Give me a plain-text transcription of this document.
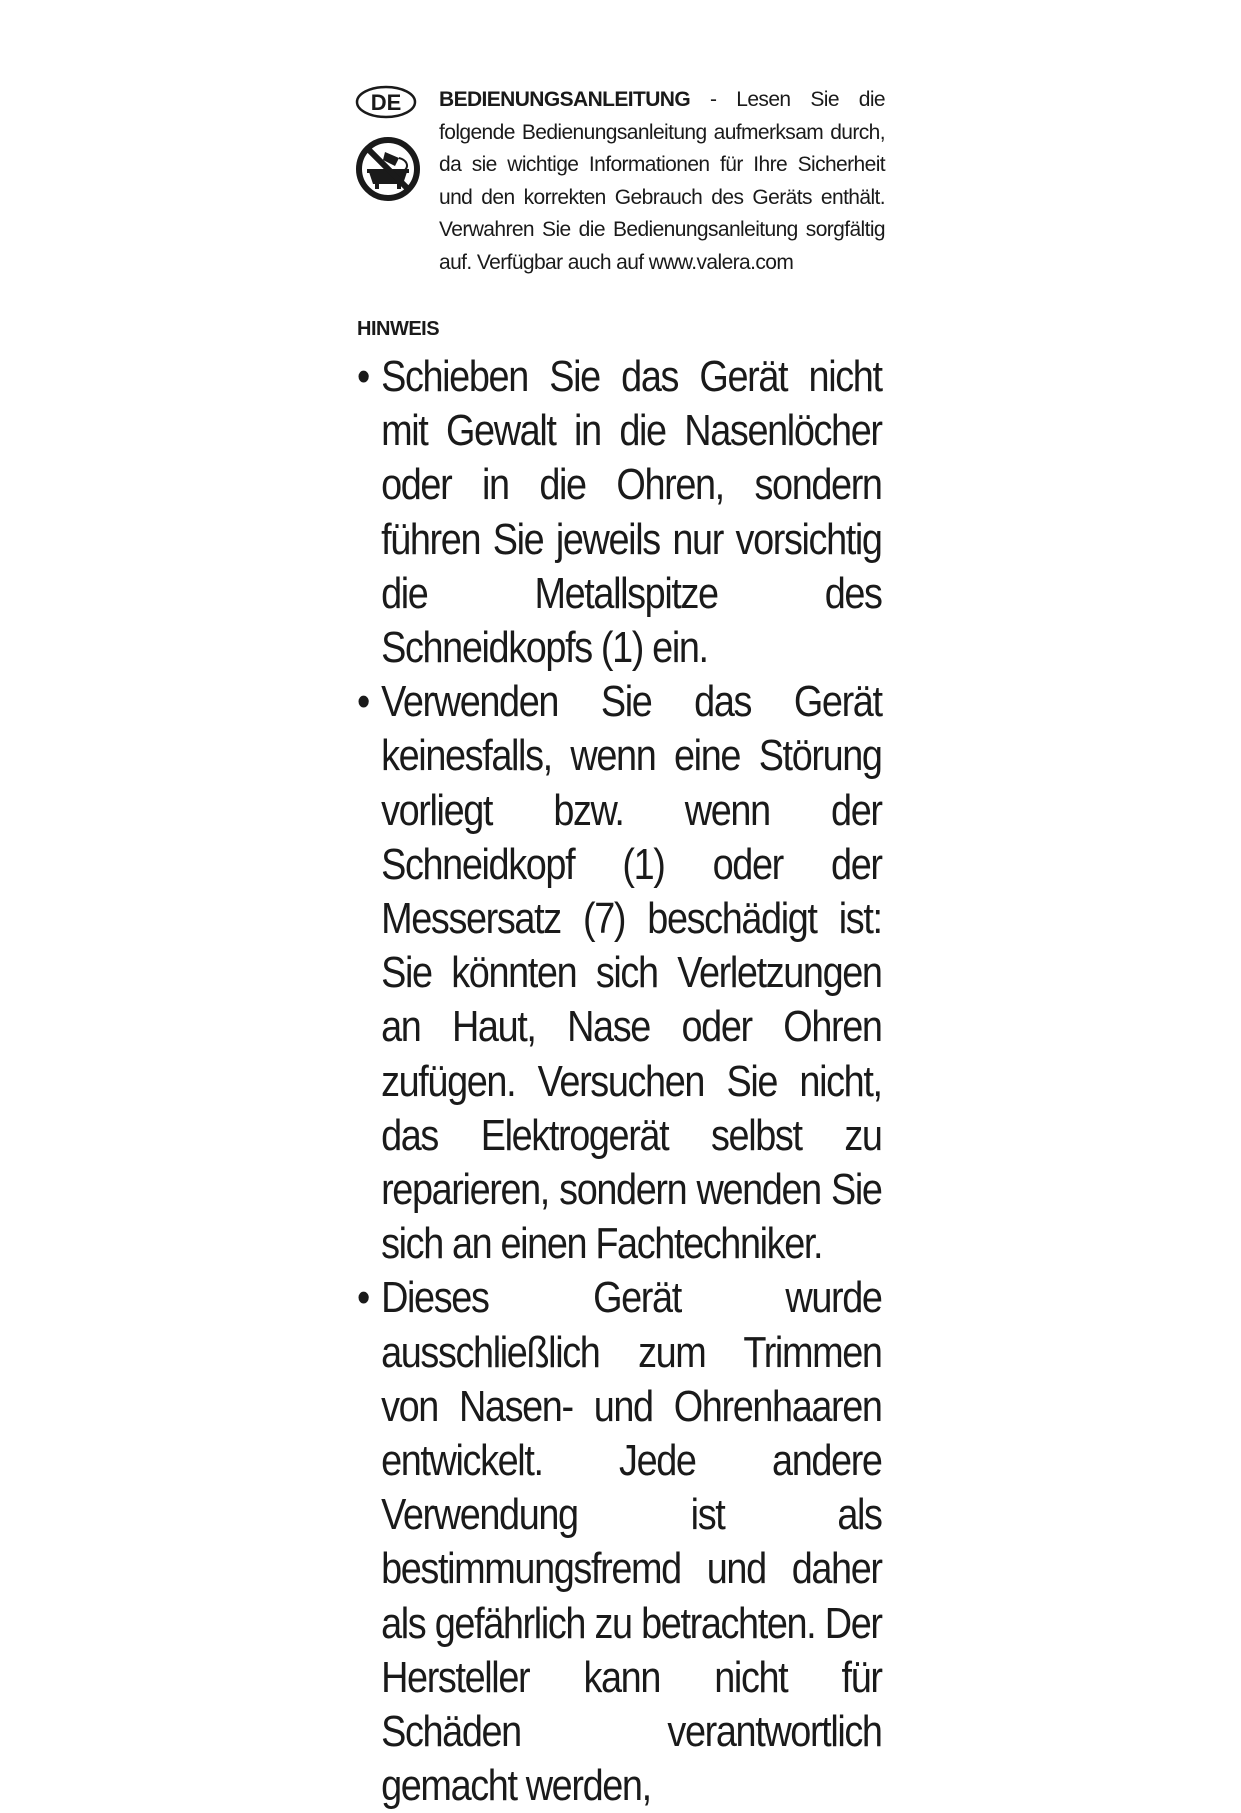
DE BEDIENUNGSANLEITUNG - Lesen Sie die folgende Bedienungsanleitung aufmerksam durch, da sie wichtige Informationen für Ihre Sicherheit und den korrekten Gebrauch des Geräts enthält. Verwahren Sie die Bedienungsanleitung sorgfältig auf. Verfügbar auch auf www.valera.com

HINWEIS

• Schieben Sie das Gerät nicht mit Gewalt in die Nasenlöcher oder in die Ohren, sondern führen Sie jeweils nur vorsichtig die Metallspitze des Schneidkopfs (1) ein.
• Verwenden Sie das Gerät keinesfalls, wenn eine Störung vorliegt bzw. wenn der Schneidkopf (1) oder der Messersatz (7) beschädigt ist: Sie könnten sich Verletzungen an Haut, Nase oder Ohren zufügen. Versuchen Sie nicht, das Elektrogerät selbst zu reparieren, sondern wenden Sie sich an einen Fachtechniker.
• Dieses Gerät wurde ausschließlich zum Trimmen von Nasen- und Ohrenhaaren entwickelt. Jede andere Verwendung ist als bestimmungsfremd und daher als gefährlich zu betrachten. Der Hersteller kann nicht für Schäden verantwortlich gemacht werden,
